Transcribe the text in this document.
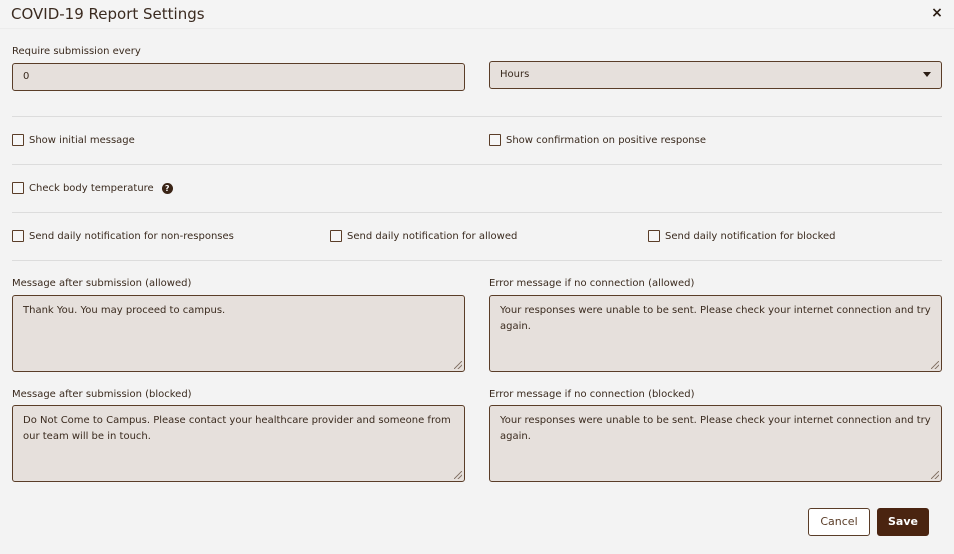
COVID-19 Report Settings	×
Require submission every
0	Hours
Show initial message	Show confirmation on positive response
Check body temperature	?
Send daily notification for non-responses	Send daily notification for allowed	Send daily notification for blocked
Message after submission (allowed)
Thank You. You may proceed to campus.
Error message if no connection (allowed)
Your responses were unable to be sent. Please check your internet connection and try again.
Message after submission (blocked)
Do Not Come to Campus. Please contact your healthcare provider and someone from our team will be in touch.
Error message if no connection (blocked)
Your responses were unable to be sent. Please check your internet connection and try again.
Cancel	Save
